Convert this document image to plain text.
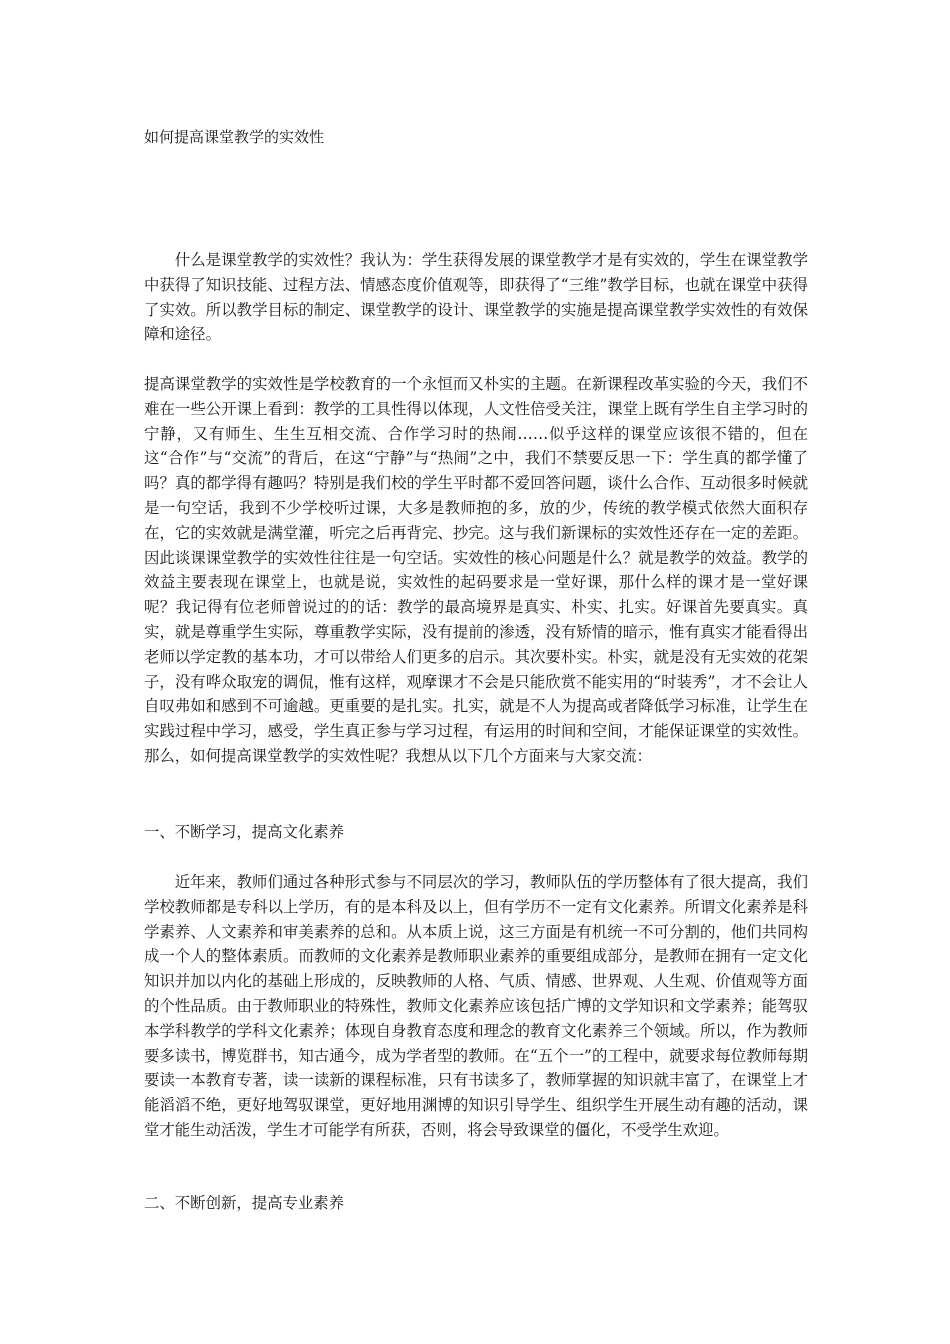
如何提高课堂教学的实效性

什么是课堂教学的实效性？我认为：学生获得发展的课堂教学才是有实效的，学生在课堂教学中获得了知识技能、过程方法、情感态度价值观等，即获得了“三维”教学目标，也就在课堂中获得了实效。所以教学目标的制定、课堂教学的设计、课堂教学的实施是提高课堂教学实效性的有效保障和途径。

提高课堂教学的实效性是学校教育的一个永恒而又朴实的主题。在新课程改革实验的今天，我们不难在一些公开课上看到：教学的工具性得以体现，人文性倍受关注，课堂上既有学生自主学习时的宁静，又有师生、生生互相交流、合作学习时的热闹……似乎这样的课堂应该很不错的，但在这“合作”与“交流”的背后，在这“宁静”与“热闹”之中，我们不禁要反思一下：学生真的都学懂了吗？真的都学得有趣吗？特别是我们校的学生平时都不爱回答问题，谈什么合作、互动很多时候就是一句空话，我到不少学校听过课，大多是教师抱的多，放的少，传统的教学模式依然大面积存在，它的实效就是满堂灌，听完之后再背完、抄完。这与我们新课标的实效性还存在一定的差距。因此谈课课堂教学的实效性往往是一句空话。实效性的核心问题是什么？就是教学的效益。教学的效益主要表现在课堂上，也就是说，实效性的起码要求是一堂好课，那什么样的课才是一堂好课呢？我记得有位老师曾说过的的话：教学的最高境界是真实、朴实、扎实。好课首先要真实。真实，就是尊重学生实际，尊重教学实际，没有提前的渗透，没有矫情的暗示，惟有真实才能看得出老师以学定教的基本功，才可以带给人们更多的启示。其次要朴实。朴实，就是没有无实效的花架子，没有哗众取宠的调侃，惟有这样，观摩课才不会是只能欣赏不能实用的“时装秀”，才不会让人自叹弗如和感到不可逾越。更重要的是扎实。扎实，就是不人为提高或者降低学习标准，让学生在实践过程中学习，感受，学生真正参与学习过程，有运用的时间和空间，才能保证课堂的实效性。那么，如何提高课堂教学的实效性呢？我想从以下几个方面来与大家交流：

一、不断学习，提高文化素养

近年来，教师们通过各种形式参与不同层次的学习，教师队伍的学历整体有了很大提高，我们学校教师都是专科以上学历，有的是本科及以上，但有学历不一定有文化素养。所谓文化素养是科学素养、人文素养和审美素养的总和。从本质上说，这三方面是有机统一不可分割的，他们共同构成一个人的整体素质。而教师的文化素养是教师职业素养的重要组成部分，是教师在拥有一定文化知识并加以内化的基础上形成的，反映教师的人格、气质、情感、世界观、人生观、价值观等方面的个性品质。由于教师职业的特殊性，教师文化素养应该包括广博的文学知识和文学素养；能驾驭本学科教学的学科文化素养；体现自身教育态度和理念的教育文化素养三个领域。所以，作为教师要多读书，博览群书，知古通今，成为学者型的教师。在“五个一”的工程中，就要求每位教师每期要读一本教育专著，读一读新的课程标准，只有书读多了，教师掌握的知识就丰富了，在课堂上才能滔滔不绝，更好地驾驭课堂，更好地用渊博的知识引导学生、组织学生开展生动有趣的活动，课堂才能生动活泼，学生才可能学有所获，否则，将会导致课堂的僵化，不受学生欢迎。

二、不断创新，提高专业素养
